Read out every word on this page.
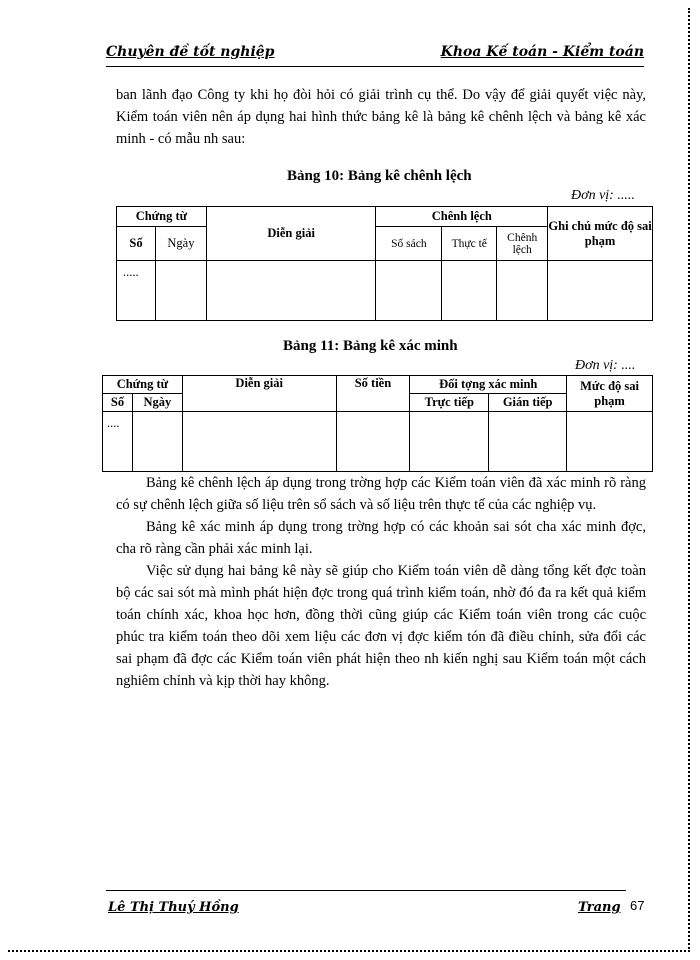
Chuyên đề tốt nghiệp	Khoa Kế toán - Kiểm toán

ban lãnh đạo Công ty khi họ đòi hỏi có giải trình cụ thể. Do vậy để giải quyết việc này, Kiểm toán viên nên áp dụng hai hình thức bảng kê là bảng kê chênh lệch và bảng kê xác minh - có mẫu nh sau:

Bảng 10: Bảng kê chênh lệch
Đơn vị: .....
Chứng từ		Diễn giải	Chênh lệch			Ghi chú mức độ sai phạm
Số	Ngày		Sổ sách	Thực tế	Chênh lệch	
.....						
Bảng 11: Bảng kê xác minh
Đơn vị: ....
Chứng từ		Diễn giải	Số tiền	Đối tợng xác minh		Mức độ sai phạm
Số	Ngày			Trực tiếp	Gián tiếp	
....						

Bảng kê chênh lệch áp dụng trong trờng hợp các Kiểm toán viên đã xác minh rõ ràng có sự chênh lệch giữa số liệu trên sổ sách và số liệu trên thực tế của các nghiệp vụ.

Bảng kê xác minh áp dụng trong trờng hợp có các khoản sai sót cha xác minh đợc, cha rõ ràng cần phải xác minh lại.

Việc sử dụng hai bảng kê này sẽ giúp cho Kiểm toán viên dễ dàng tổng kết đợc toàn bộ các sai sót mà mình phát hiện đợc trong quá trình kiểm toán, nhờ đó đa ra kết quả kiểm toán chính xác, khoa học hơn, đồng thời cũng giúp các Kiểm toán viên trong các cuộc phúc tra kiểm toán theo dõi xem liệu các đơn vị đợc kiểm tón đã điều chỉnh, sửa đổi các sai phạm đã đợc các Kiểm toán viên phát hiện theo nh kiến nghị sau Kiểm toán một cách nghiêm chỉnh và kịp thời hay không.

Lê Thị Thuý Hồng	Trang 67
